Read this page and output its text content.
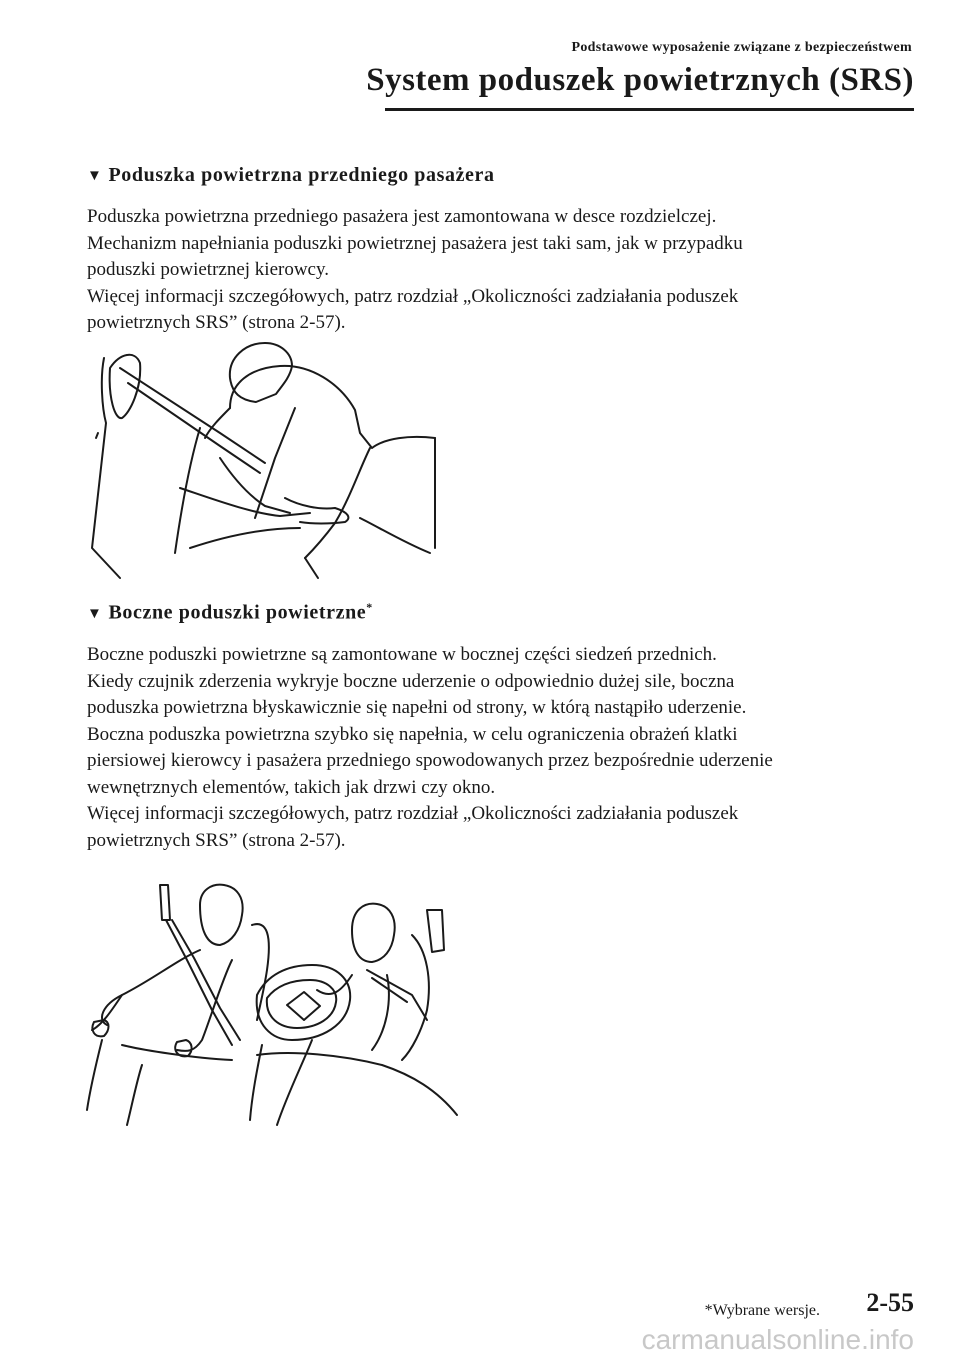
Podstawowe wyposażenie związane z bezpieczeństwem
System poduszek powietrznych (SRS)
▼ Poduszka powietrzna przedniego pasażera

Poduszka powietrzna przedniego pasażera jest zamontowana w desce rozdzielczej.

Mechanizm napełniania poduszki powietrznej pasażera jest taki sam, jak w przypadku

poduszki powietrznej kierowcy.

Więcej informacji szczegółowych, patrz rozdział „Okoliczności zadziałania poduszek

powietrznych SRS” (strona 2-57).

▼ Boczne poduszki powietrzne*

Boczne poduszki powietrzne są zamontowane w bocznej części siedzeń przednich.

Kiedy czujnik zderzenia wykryje boczne uderzenie o odpowiednio dużej sile, boczna

poduszka powietrzna błyskawicznie się napełni od strony, w którą nastąpiło uderzenie.

Boczna poduszka powietrzna szybko się napełnia, w celu ograniczenia obrażeń klatki

piersiowej kierowcy i pasażera przedniego spowodowanych przez bezpośrednie uderzenie

wewnętrznych elementów, takich jak drzwi czy okno.

Więcej informacji szczegółowych, patrz rozdział „Okoliczności zadziałania poduszek

powietrznych SRS” (strona 2-57).

*Wybrane wersje. 2-55
carmanualsonline.info
